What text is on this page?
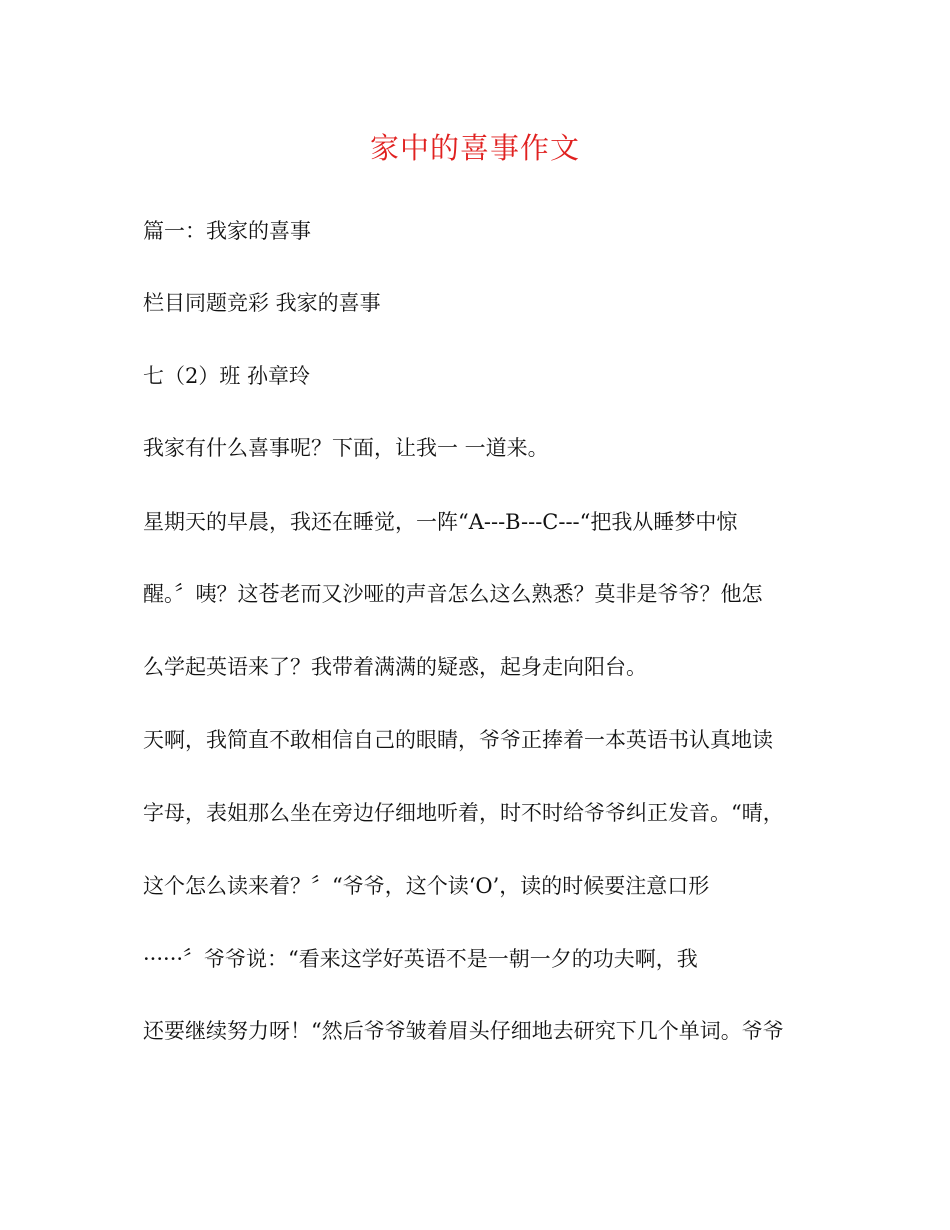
家中的喜事作文
篇一：我家的喜事
栏目同题竞彩 我家的喜事
七（2）班 孙章玲
我家有什么喜事呢？下面，让我一 一道来。
星期天的早晨，我还在睡觉，一阵“A---B---C---“把我从睡梦中惊
醒。〞咦？这苍老而又沙哑的声音怎么这么熟悉？莫非是爷爷？他怎
么学起英语来了？我带着满满的疑惑，起身走向阳台。
天啊，我简直不敢相信自己的眼睛，爷爷正捧着一本英语书认真地读
字母，表姐那么坐在旁边仔细地听着，时不时给爷爷纠正发音。“晴，
这个怎么读来着？〞“爷爷，这个读‘O’，读的时候要注意口形
······〞爷爷说：“看来这学好英语不是一朝一夕的功夫啊，我
还要继续努力呀！“然后爷爷皱着眉头仔细地去研究下几个单词。爷爷
